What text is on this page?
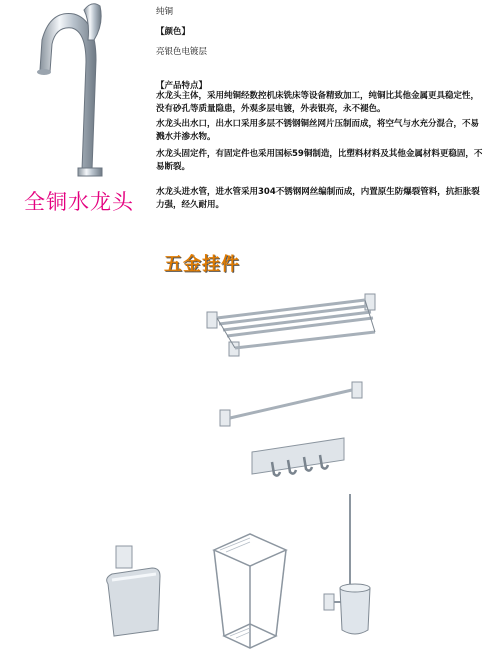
全铜水龙头
纯铜
【颜色】
亮银色电镀层
【产品特点】
水龙头主体，采用纯铜经数控机床铣床等设备精致加工，纯铜比其他金属更具稳定性，没有砂孔等质量隐患，外观多层电镀，外表银亮，永不褪色。
水龙头出水口，出水口采用多层不锈钢铜丝网片压制而成，将空气与水充分混合，不易溅水并渗水物。
水龙头固定件，有固定件也采用国标59铜制造，比塑料材料及其他金属材料更稳固，不易断裂。
水龙头进水管，进水管采用304不锈钢网丝编制而成，内置原生防爆裂管料，抗拒胀裂力强，经久耐用。
五金挂件
